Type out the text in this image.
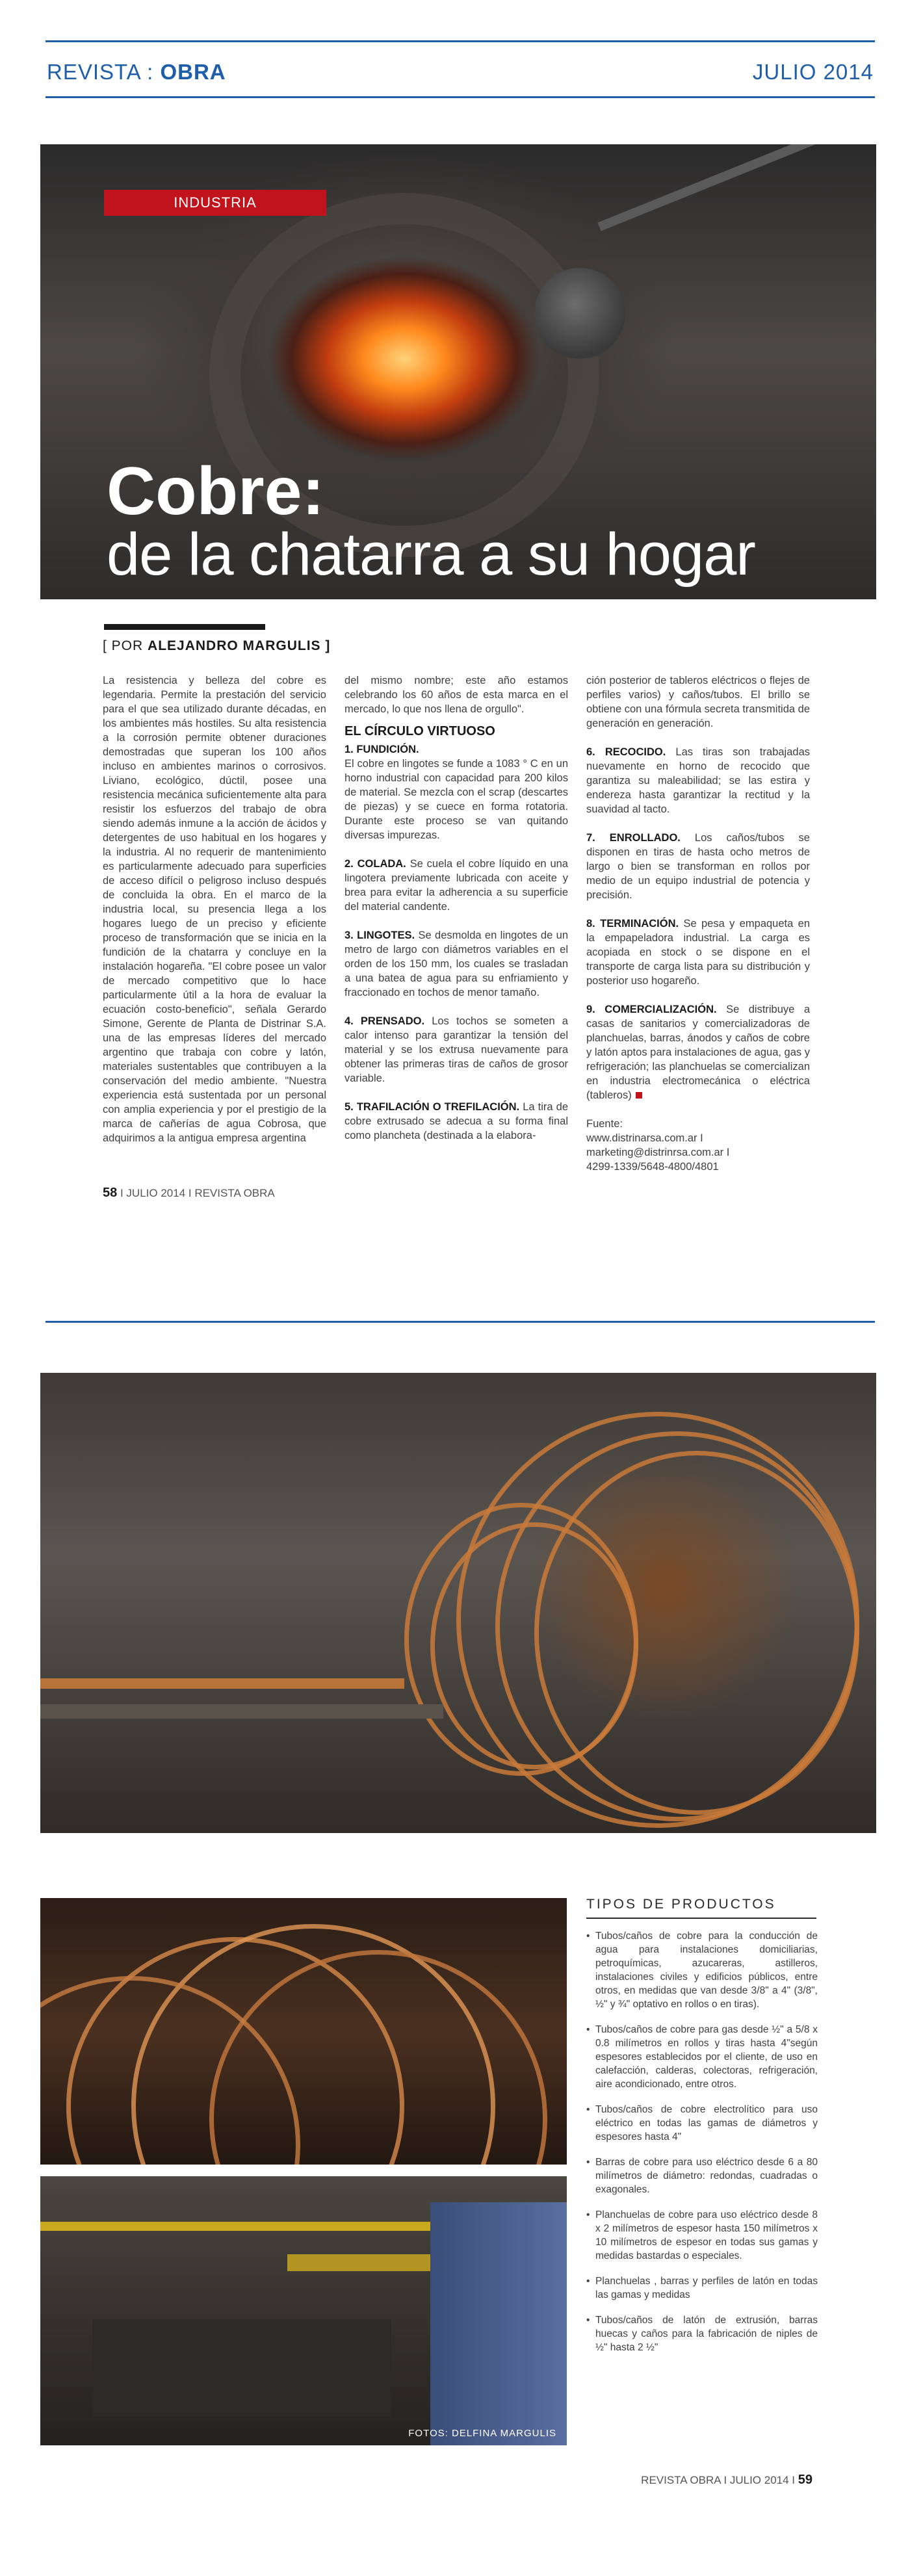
REVISTA : OBRA	JULIO 2014
INDUSTRIA
Cobre:
de la chatarra a su hogar
[ POR ALEJANDRO MARGULIS ]

La resistencia y belleza del cobre es legendaria. Permite la prestación del servicio para el que sea utilizado durante décadas, en los ambientes más hostiles. Su alta resistencia a la corrosión permite obtener duraciones demostradas que superan los 100 años incluso en ambientes marinos o corrosivos. Liviano, ecológico, dúctil, posee una resistencia mecánica suficientemente alta para resistir los esfuerzos del trabajo de obra siendo además inmune a la acción de ácidos y detergentes de uso habitual en los hogares y la industria. Al no requerir de mantenimiento es particularmente adecuado para superficies de acceso difícil o peligroso incluso después de concluida la obra. En el marco de la industria local, su presencia llega a los hogares luego de un preciso y eficiente proceso de transformación que se inicia en la fundición de la chatarra y concluye en la instalación hogareña. "El cobre posee un valor de mercado competitivo que lo hace particularmente útil a la hora de evaluar la ecuación costo-beneficio", señala Gerardo Simone, Gerente de Planta de Distrinar S.A. una de las empresas líderes del mercado argentino que trabaja con cobre y latón, materiales sustentables que contribuyen a la conservación del medio ambiente. "Nuestra experiencia está sustentada por un personal con amplia experiencia y por el prestigio de la marca de cañerías de agua Cobrosa, que adquirimos a la antigua empresa argentina

del mismo nombre; este año estamos celebrando los 60 años de esta marca en el mercado, lo que nos llena de orgullo".

EL CÍRCULO VIRTUOSO

1. FUNDICIÓN.
El cobre en lingotes se funde a 1083 ° C en un horno industrial con capacidad para 200 kilos de material. Se mezcla con el scrap (descartes de piezas) y se cuece en forma rotatoria. Durante este proceso se van quitando diversas impurezas.

2. COLADA. Se cuela el cobre líquido en una lingotera previamente lubricada con aceite y brea para evitar la adherencia a su superficie del material candente.

3. LINGOTES. Se desmolda en lingotes de un metro de largo con diámetros variables en el orden de los 150 mm, los cuales se trasladan a una batea de agua para su enfriamiento y fraccionado en tochos de menor tamaño.

4. PRENSADO. Los tochos se someten a calor intenso para garantizar la tensión del material y se los extrusa nuevamente para obtener las primeras tiras de caños de grosor variable.

5. TRAFILACIÓN O TREFILACIÓN. La tira de cobre extrusado se adecua a su forma final como plancheta (destinada a la elabora-

ción posterior de tableros eléctricos o flejes de perfiles varios) y caños/tubos. El brillo se obtiene con una fórmula secreta transmitida de generación en generación.

6. RECOCIDO. Las tiras son trabajadas nuevamente en horno de recocido que garantiza su maleabilidad; se las estira y endereza hasta garantizar la rectitud y la suavidad al tacto.

7. ENROLLADO. Los caños/tubos se disponen en tiras de hasta ocho metros de largo o bien se transforman en rollos por medio de un equipo industrial de potencia y precisión.

8. TERMINACIÓN. Se pesa y empaqueta en la empapeladora industrial. La carga es acopiada en stock o se dispone en el transporte de carga lista para su distribución y posterior uso hogareño.

9. COMERCIALIZACIÓN. Se distribuye a casas de sanitarios y comercializadoras de planchuelas, barras, ánodos y caños de cobre y latón aptos para instalaciones de agua, gas y refrigeración; las planchuelas se comercializan en industria electromecánica o eléctrica (tableros)

Fuente:
www.distrinarsa.com.ar I
marketing@distrinrsa.com.ar I
4299-1339/5648-4800/4801

58 I JULIO 2014 I REVISTA OBRA
FOTOS: DELFINA MARGULIS
TIPOS DE PRODUCTOS
• Tubos/caños de cobre para la conducción de agua para instalaciones domiciliarias, petroquímicas, azucareras, astilleros, instalaciones civiles y edificios públicos, entre otros, en medidas que van desde 3/8" a 4" (3/8", ½" y ¾" optativo en rollos o en tiras).
• Tubos/caños de cobre para gas desde ½" a 5/8 x 0.8 milímetros en rollos y tiras hasta 4"según espesores establecidos por el cliente, de uso en calefacción, calderas, colectoras, refrigeración, aire acondicionado, entre otros.
• Tubos/caños de cobre electrolítico para uso eléctrico en todas las gamas de diámetros y espesores hasta 4"
• Barras de cobre para uso eléctrico desde 6 a 80 milímetros de diámetro: redondas, cuadradas o exagonales.
• Planchuelas de cobre para uso eléctrico desde 8 x 2 milímetros de espesor hasta 150 milímetros x 10 milímetros de espesor en todas sus gamas y medidas bastardas o especiales.
• Planchuelas , barras y perfiles de latón en todas las gamas y medidas
• Tubos/caños de latón de extrusión, barras huecas y caños para la fabricación de niples de ½" hasta 2 ½"
REVISTA OBRA I JULIO 2014 I 59
